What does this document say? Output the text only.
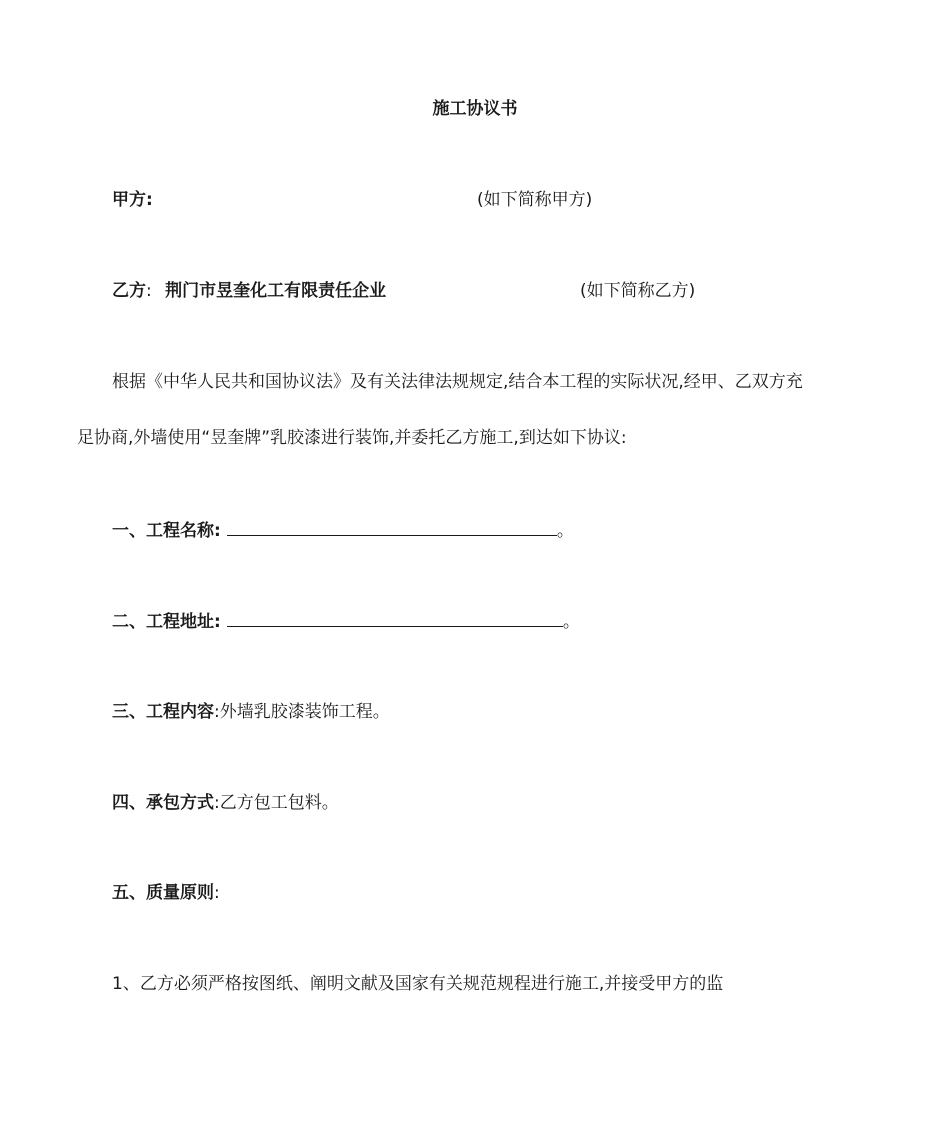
施工协议书
甲方:	(如下简称甲方)
乙方: 荆门市昱奎化工有限责任企业	(如下简称乙方)
根据《中华人民共和国协议法》及有关法律法规规定,结合本工程的实际状况,经甲、乙双方充
足协商,外墙使用“昱奎牌”乳胶漆进行装饰,并委托乙方施工,到达如下协议:
一、工程名称:	。
二、工程地址:	。
三、工程内容:外墙乳胶漆装饰工程。
四、承包方式:乙方包工包料。
五、质量原则:
1、乙方必须严格按图纸、阐明文献及国家有关规范规程进行施工,并接受甲方的监
